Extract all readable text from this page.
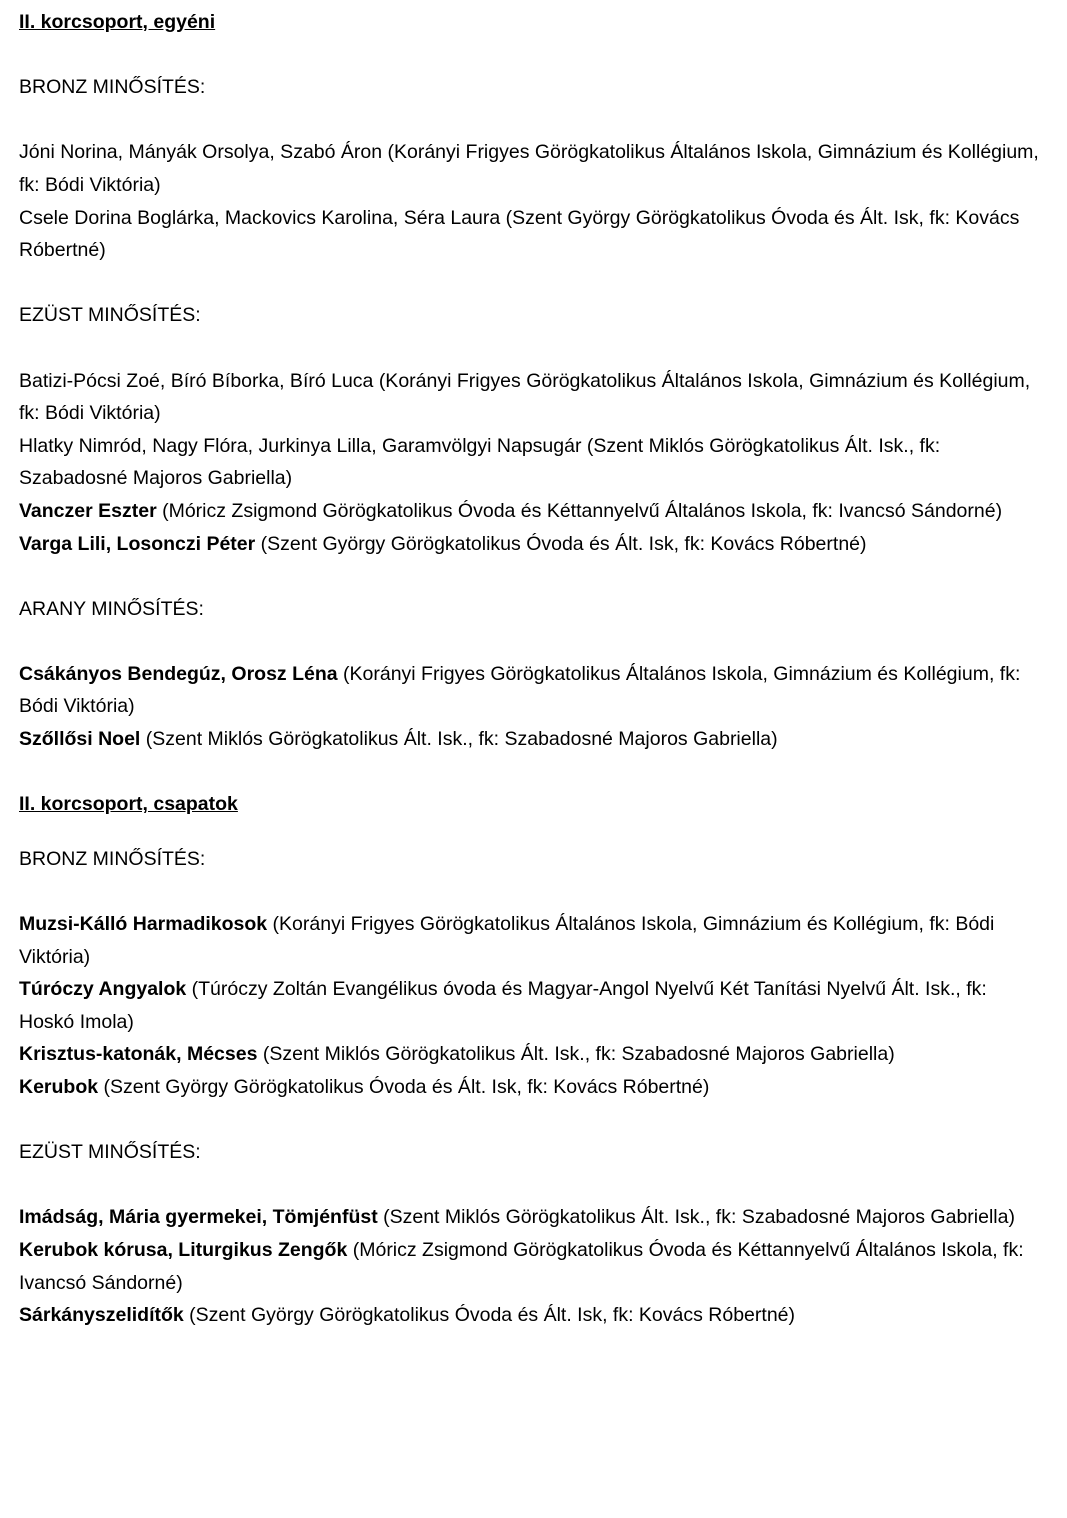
II. korcsoport, egyéni

BRONZ MINŐSÍTÉS:

Jóni Norina, Mányák Orsolya, Szabó Áron (Korányi Frigyes Görögkatolikus Általános Iskola, Gimnázium és Kollégium, fk: Bódi Viktória)

Csele Dorina Boglárka, Mackovics Karolina, Séra Laura (Szent György Görögkatolikus Óvoda és Ált. Isk, fk: Kovács Róbertné)

EZÜST MINŐSÍTÉS:

Batizi-Pócsi Zoé, Bíró Bíborka, Bíró Luca (Korányi Frigyes Görögkatolikus Általános Iskola, Gimnázium és Kollégium, fk: Bódi Viktória)

Hlatky Nimród, Nagy Flóra, Jurkinya Lilla, Garamvölgyi Napsugár (Szent Miklós Görögkatolikus Ált. Isk., fk: Szabadosné Majoros Gabriella)

Vanczer Eszter (Móricz Zsigmond Görögkatolikus Óvoda és Kéttannyelvű Általános Iskola, fk: Ivancsó Sándorné)

Varga Lili, Losonczi Péter (Szent György Görögkatolikus Óvoda és Ált. Isk, fk: Kovács Róbertné)

ARANY MINŐSÍTÉS:

Csákányos Bendegúz, Orosz Léna (Korányi Frigyes Görögkatolikus Általános Iskola, Gimnázium és Kollégium, fk: Bódi Viktória)

Szőllősi Noel (Szent Miklós Görögkatolikus Ált. Isk., fk: Szabadosné Majoros Gabriella)

II. korcsoport, csapatok

BRONZ MINŐSÍTÉS:

Muzsi-Kálló Harmadikosok (Korányi Frigyes Görögkatolikus Általános Iskola, Gimnázium és Kollégium, fk: Bódi Viktória)

Túróczy Angyalok (Túróczy Zoltán Evangélikus óvoda és Magyar-Angol Nyelvű Két Tanítási Nyelvű Ált. Isk., fk: Hoskó Imola)

Krisztus-katonák, Mécses (Szent Miklós Görögkatolikus Ált. Isk., fk: Szabadosné Majoros Gabriella)

Kerubok (Szent György Görögkatolikus Óvoda és Ált. Isk, fk: Kovács Róbertné)

EZÜST MINŐSÍTÉS:

Imádság, Mária gyermekei, Tömjénfüst (Szent Miklós Görögkatolikus Ált. Isk., fk: Szabadosné Majoros Gabriella)

Kerubok kórusa, Liturgikus Zengők (Móricz Zsigmond Görögkatolikus Óvoda és Kéttannyelvű Általános Iskola, fk: Ivancsó Sándorné)

Sárkányszelidítők (Szent György Görögkatolikus Óvoda és Ált. Isk, fk: Kovács Róbertné)
